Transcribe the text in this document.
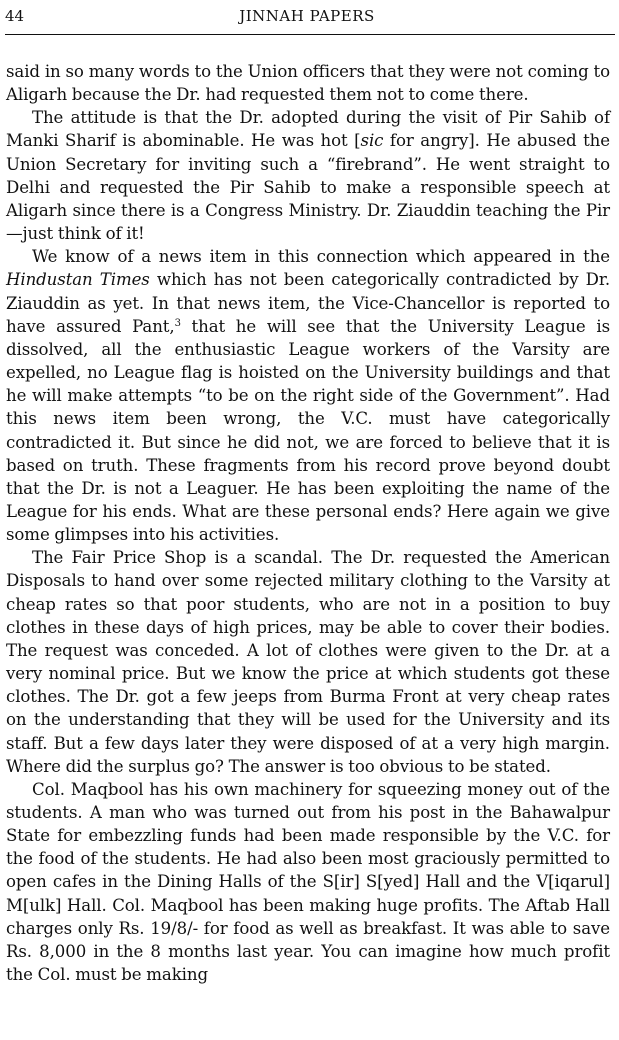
44	JINNAH PAPERS

said in so many words to the Union officers that they were not coming to Aligarh because the Dr. had requested them not to come there.

The attitude is that the Dr. adopted during the visit of Pir Sahib of Manki Sharif is abominable. He was hot [sic for angry]. He abused the Union Secretary for inviting such a “firebrand”. He went straight to Delhi and requested the Pir Sahib to make a responsible speech at Aligarh since there is a Congress Ministry. Dr. Ziauddin teaching the Pir—just think of it!

We know of a news item in this connection which appeared in the Hindustan Times which has not been categorically contradicted by Dr. Ziauddin as yet. In that news item, the Vice-Chancellor is reported to have assured Pant,$^3$ that he will see that the University League is dissolved, all the enthusiastic League workers of the Varsity are expelled, no League flag is hoisted on the University buildings and that he will make attempts “to be on the right side of the Government”. Had this news item been wrong, the V.C. must have categorically contradicted it. But since he did not, we are forced to believe that it is based on truth. These fragments from his record prove beyond doubt that the Dr. is not a Leaguer. He has been exploiting the name of the League for his ends. What are these personal ends? Here again we give some glimpses into his activities.

The Fair Price Shop is a scandal. The Dr. requested the American Disposals to hand over some rejected military clothing to the Varsity at cheap rates so that poor students, who are not in a position to buy clothes in these days of high prices, may be able to cover their bodies. The request was conceded. A lot of clothes were given to the Dr. at a very nominal price. But we know the price at which students got these clothes. The Dr. got a few jeeps from Burma Front at very cheap rates on the understanding that they will be used for the University and its staff. But a few days later they were disposed of at a very high margin. Where did the surplus go? The answer is too obvious to be stated.

Col. Maqbool has his own machinery for squeezing money out of the students. A man who was turned out from his post in the Bahawalpur State for embezzling funds had been made responsible by the V.C. for the food of the students. He had also been most graciously permitted to open cafes in the Dining Halls of the S[ir] S[yed] Hall and the V[iqarul] M[ulk] Hall. Col. Maqbool has been making huge profits. The Aftab Hall charges only Rs. 19/8/- for food as well as breakfast. It was able to save Rs. 8,000 in the 8 months last year. You can imagine how much profit the Col. must be making
